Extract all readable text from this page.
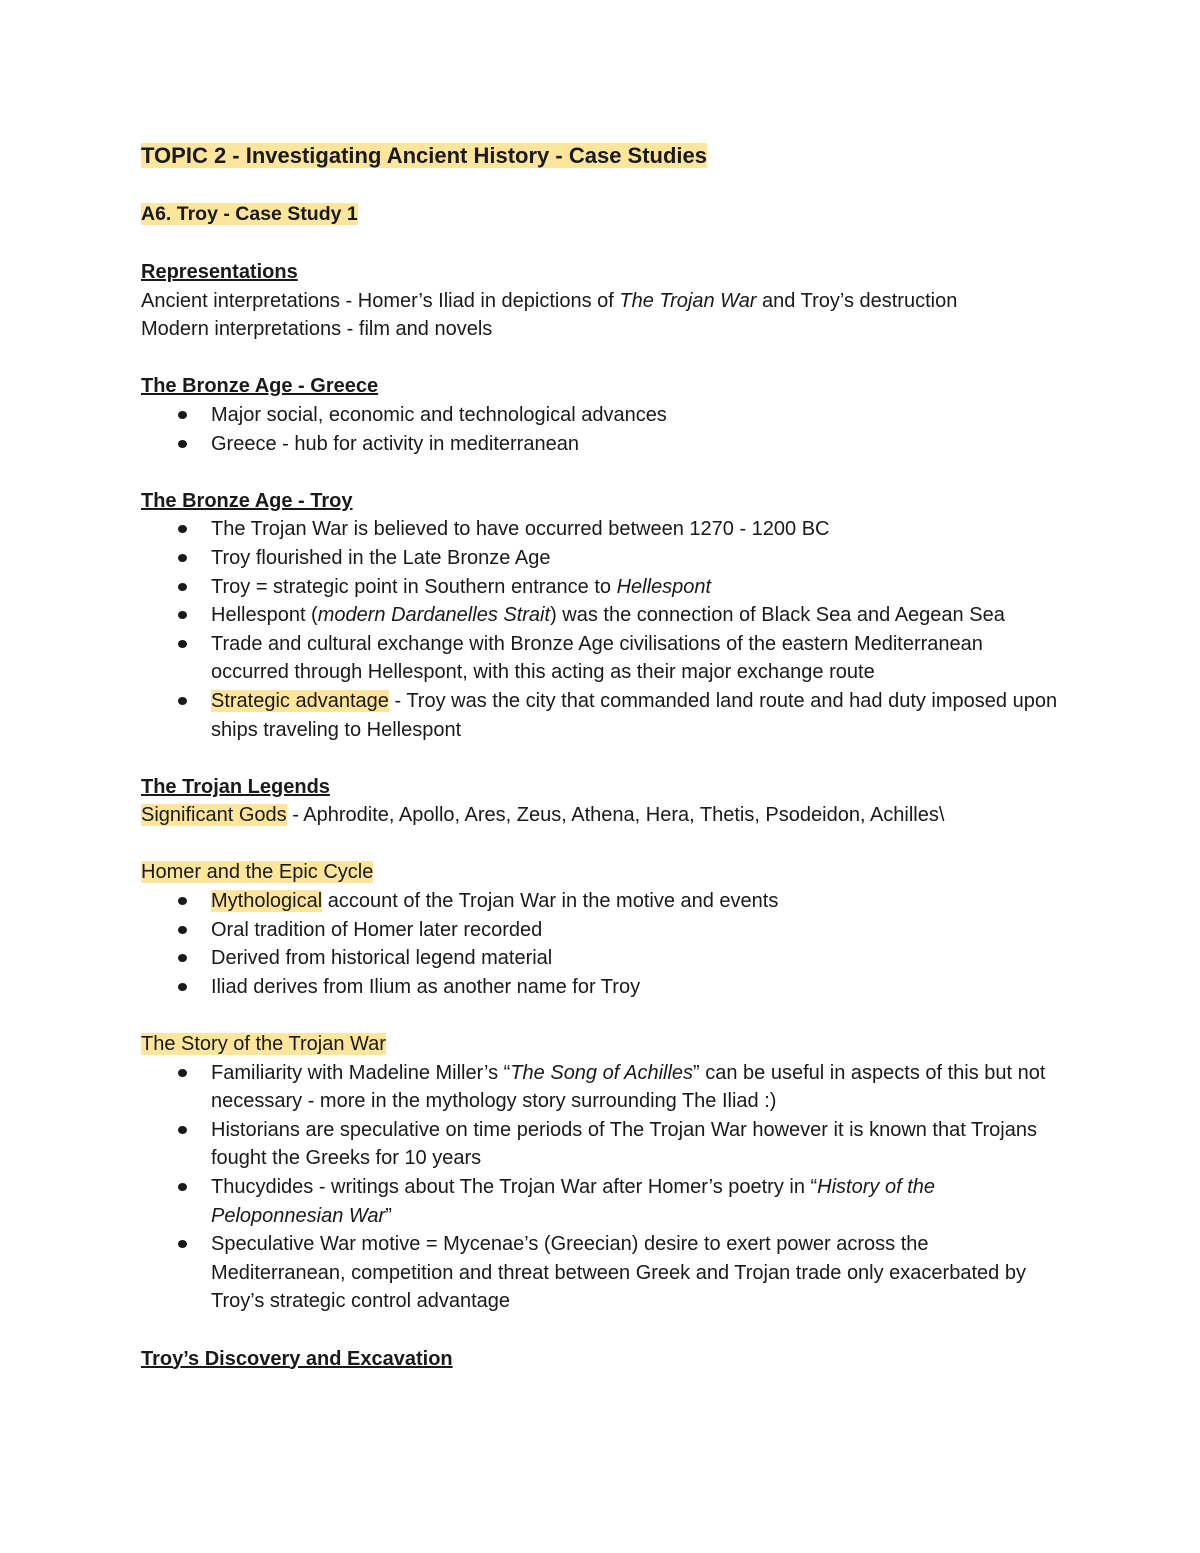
TOPIC 2 - Investigating Ancient History - Case Studies

A6. Troy - Case Study 1

Representations

Ancient interpretations - Homer’s Iliad in depictions of The Trojan War and Troy’s destruction

Modern interpretations - film and novels

The Bronze Age - Greece

Major social, economic and technological advances
Greece - hub for activity in mediterranean

The Bronze Age - Troy

The Trojan War is believed to have occurred between 1270 - 1200 BC
Troy flourished in the Late Bronze Age
Troy = strategic point in Southern entrance to Hellespont
Hellespont (modern Dardanelles Strait) was the connection of Black Sea and Aegean Sea
Trade and cultural exchange with Bronze Age civilisations of the eastern Mediterranean occurred through Hellespont, with this acting as their major exchange route
Strategic advantage - Troy was the city that commanded land route and had duty imposed upon ships traveling to Hellespont

The Trojan Legends

Significant Gods - Aphrodite, Apollo, Ares, Zeus, Athena, Hera, Thetis, Psodeidon, Achilles\

Homer and the Epic Cycle

Mythological account of the Trojan War in the motive and events
Oral tradition of Homer later recorded
Derived from historical legend material
Iliad derives from Ilium as another name for Troy

The Story of the Trojan War

Familiarity with Madeline Miller’s “The Song of Achilles” can be useful in aspects of this but not necessary - more in the mythology story surrounding The Iliad :)
Historians are speculative on time periods of The Trojan War however it is known that Trojans fought the Greeks for 10 years
Thucydides - writings about The Trojan War after Homer’s poetry in “History of the Peloponnesian War”
Speculative War motive = Mycenae’s (Greecian) desire to exert power across the Mediterranean, competition and threat between Greek and Trojan trade only exacerbated by Troy’s strategic control advantage

Troy’s Discovery and Excavation
